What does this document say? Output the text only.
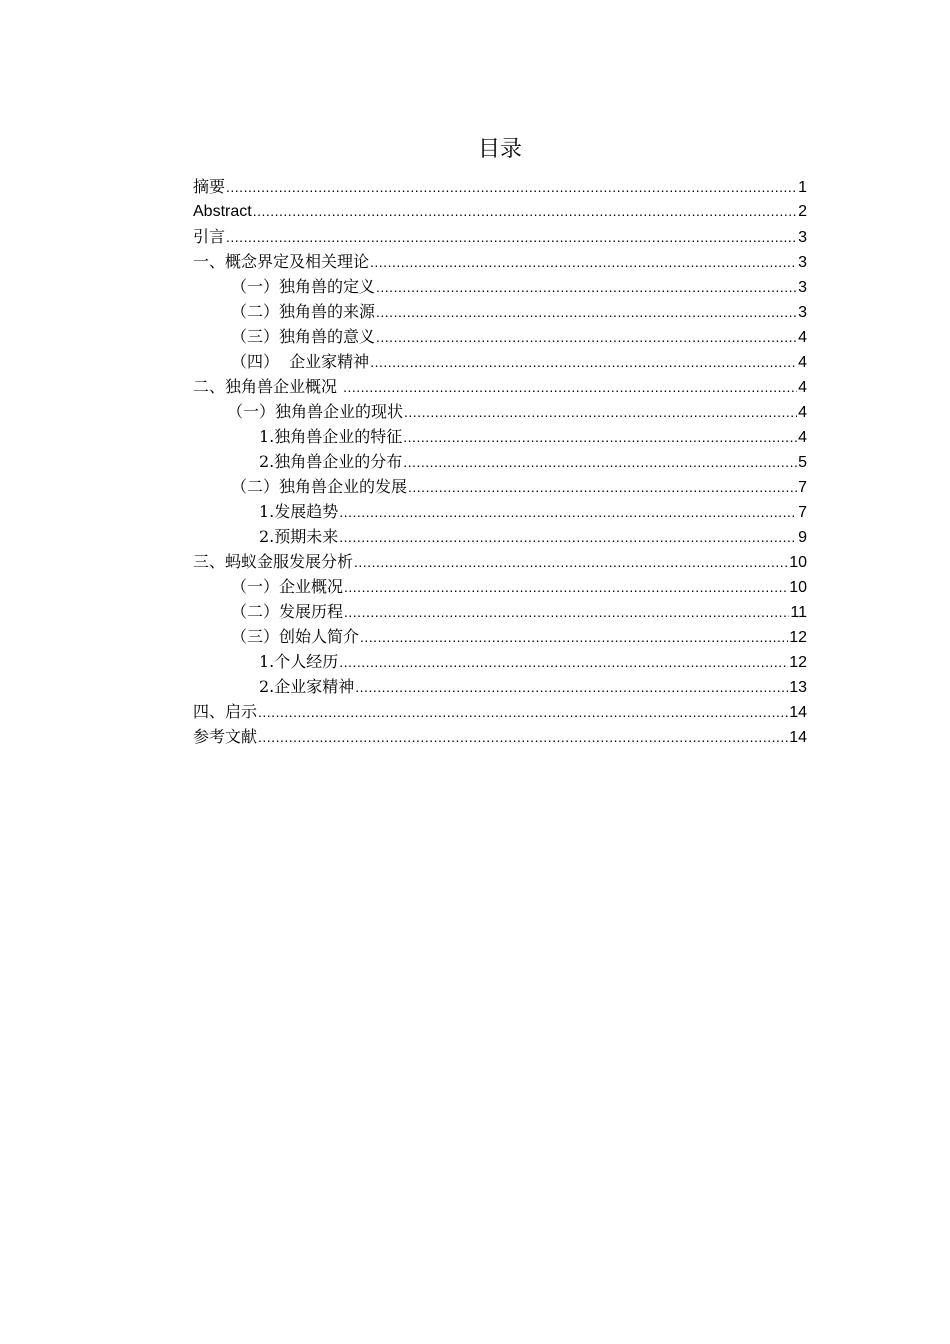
目录
摘要 .....	1
Abstract .....	2
引言 .....	3
一、概念界定及相关理论 .....	3
（一）独角兽的定义 .....	3
（二）独角兽的来源 .....	3
（三）独角兽的意义 .....	4
（四）  企业家精神 .....	4
二、独角兽企业概况 .....	4
（一）独角兽企业的现状 .....	4
1.独角兽企业的特征 .....	4
2.独角兽企业的分布 .....	5
（二）独角兽企业的发展 .....	7
1.发展趋势 .....	7
2.预期未来 .....	9
三、蚂蚁金服发展分析 .....	10
（一）企业概况 .....	10
（二）发展历程 .....	11
（三）创始人简介 .....	12
1.个人经历 .....	12
2.企业家精神 .....	13
四、启示 .....	14
参考文献 .....	14
